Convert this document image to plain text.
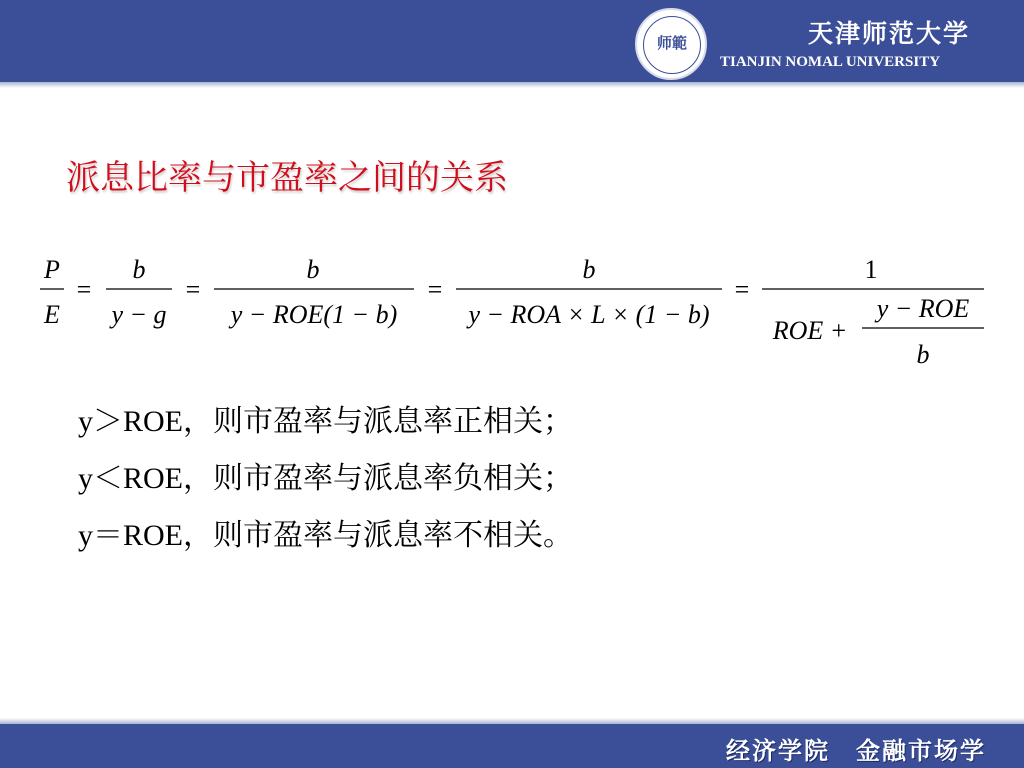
师範	天津师范大学
TIANJIN NOMAL UNIVERSITY
派息比率与市盈率之间的关系
P
E
=
b
y − g
=
b
y − ROE(1 − b)
=
b
y − ROA × L × (1 − b)
=
1
ROE +
y − ROE
b
y＞ROE，则市盈率与派息率正相关；
y＜ROE，则市盈率与派息率负相关；
y＝ROE，则市盈率与派息率不相关。
经济学院　金融市场学
